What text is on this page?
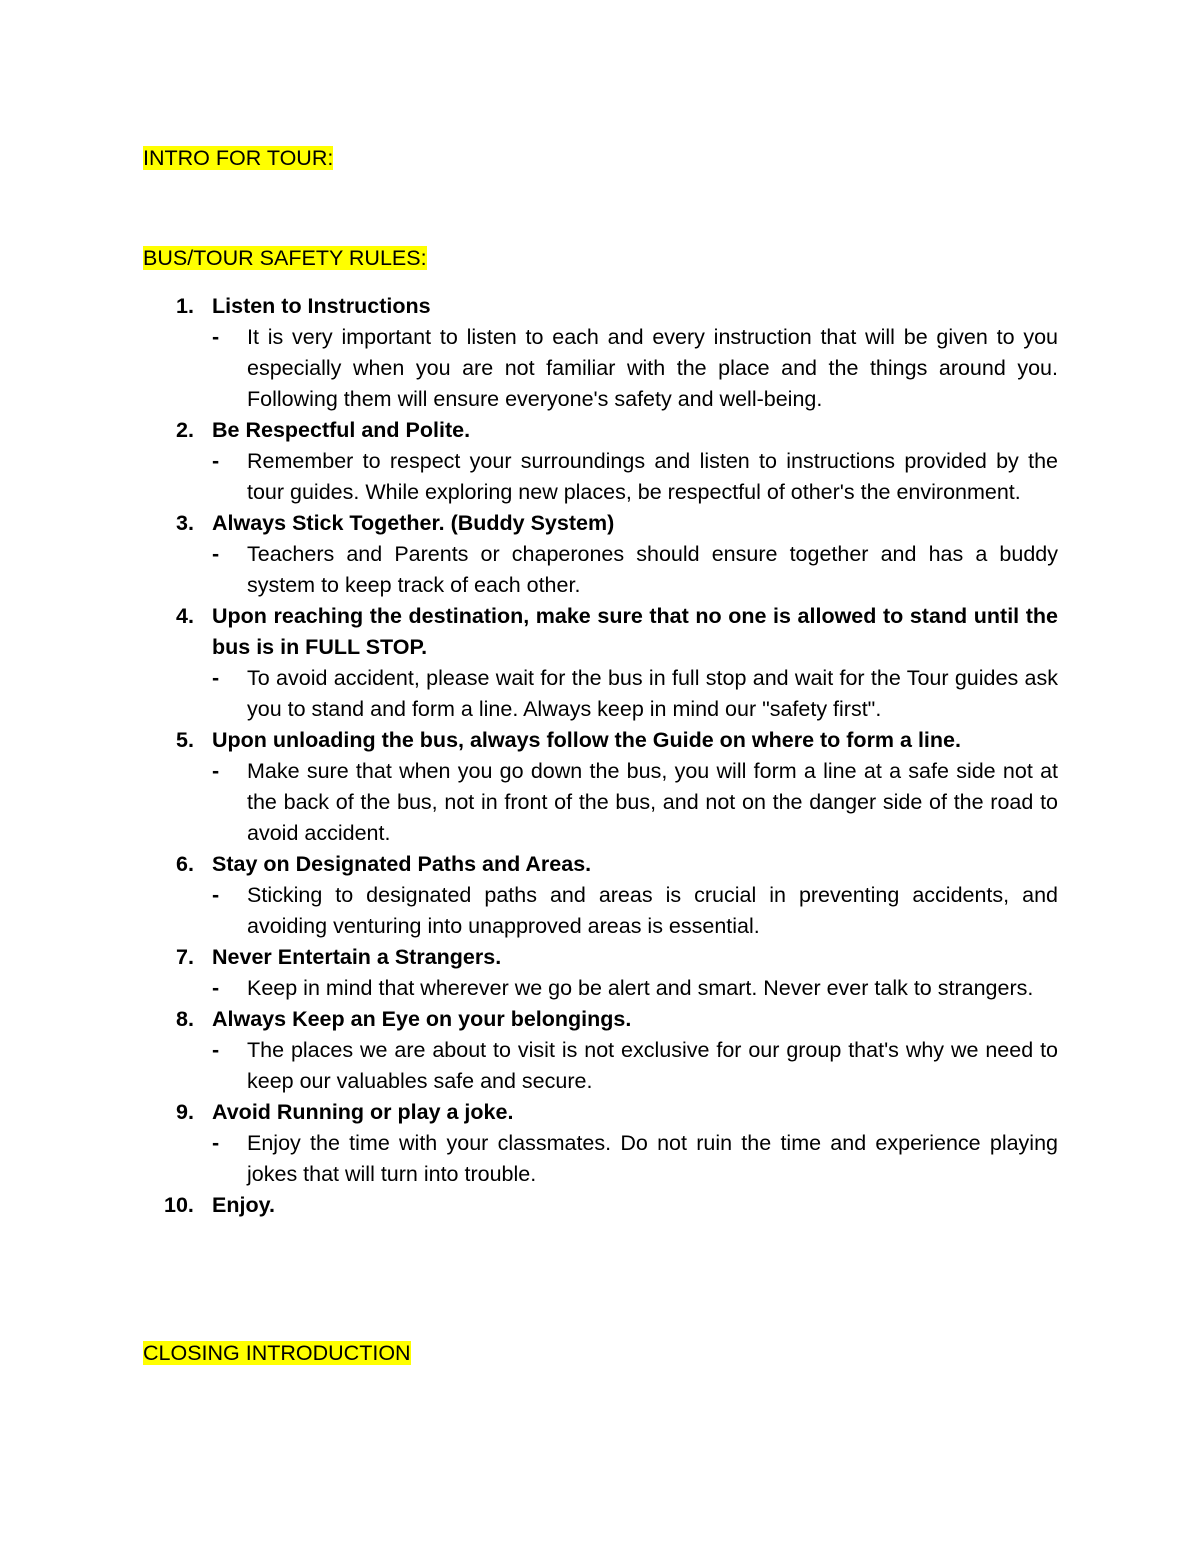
INTRO FOR TOUR:
BUS/TOUR SAFETY RULES:
1. Listen to Instructions
- It is very important to listen to each and every instruction that will be given to you especially when you are not familiar with the place and the things around you. Following them will ensure everyone's safety and well-being.
2. Be Respectful and Polite.
- Remember to respect your surroundings and listen to instructions provided by the tour guides. While exploring new places, be respectful of other's the environment.
3. Always Stick Together. (Buddy System)
- Teachers and Parents or chaperones should ensure together and has a buddy system to keep track of each other.
4. Upon reaching the destination, make sure that no one is allowed to stand until the bus is in FULL STOP.
- To avoid accident, please wait for the bus in full stop and wait for the Tour guides ask you to stand and form a line. Always keep in mind our "safety first".
5. Upon unloading the bus, always follow the Guide on where to form a line.
- Make sure that when you go down the bus, you will form a line at a safe side not at the back of the bus, not in front of the bus, and not on the danger side of the road to avoid accident.
6. Stay on Designated Paths and Areas.
- Sticking to designated paths and areas is crucial in preventing accidents, and avoiding venturing into unapproved areas is essential.
7. Never Entertain a Strangers.
- Keep in mind that wherever we go be alert and smart. Never ever talk to strangers.
8. Always Keep an Eye on your belongings.
- The places we are about to visit is not exclusive for our group that's why we need to keep our valuables safe and secure.
9. Avoid Running or play a joke.
- Enjoy the time with your classmates. Do not ruin the time and experience playing jokes that will turn into trouble.
10. Enjoy.
CLOSING INTRODUCTION
